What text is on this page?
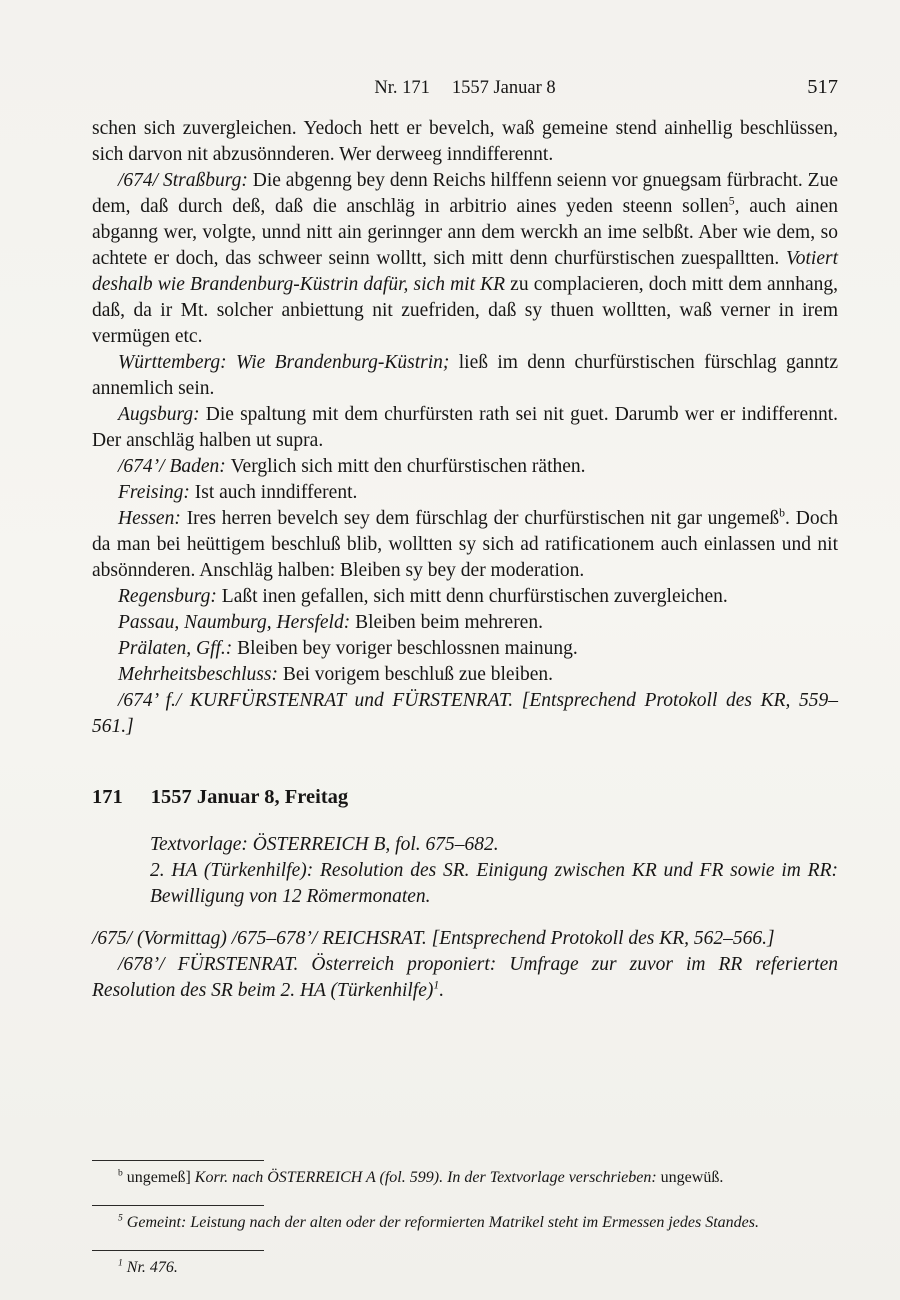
Nr. 171 1557 Januar 8	517

schen sich zuvergleichen. Yedoch hett er bevelch, waß gemeine stend ainhellig beschlüssen, sich darvon nit abzusönnderen. Wer derweeg inndifferennt.

/674/ Straßburg: Die abgenng bey denn Reichs hilffenn seienn vor gnuegsam fürbracht. Zue dem, daß durch deß, daß die anschläg in arbitrio aines yeden steenn sollen$^5$, auch ainen abganng wer, volgte, unnd nitt ain gerinnger ann dem werckh an ime selbßt. Aber wie dem, so achtete er doch, das schweer seinn wolltt, sich mitt denn churfürstischen zuespalltten. Votiert deshalb wie Brandenburg-Küstrin dafür, sich mit KR zu complacieren, doch mitt dem annhang, daß, da ir Mt. solcher anbiettung nit zuefriden, daß sy thuen wolltten, waß verner in irem vermügen etc.

Württemberg: Wie Brandenburg-Küstrin; ließ im denn churfürstischen fürschlag ganntz annemlich sein.

Augsburg: Die spaltung mit dem churfürsten rath sei nit guet. Darumb wer er indifferennt. Der anschläg halben ut supra.

/674’/ Baden: Verglich sich mitt den churfürstischen räthen.

Freising: Ist auch inndifferent.

Hessen: Ires herren bevelch sey dem fürschlag der churfürstischen nit gar ungemeß$^b$. Doch da man bei heüttigem beschluß blib, wolltten sy sich ad ratificationem auch einlassen und nit absönnderen. Anschläg halben: Bleiben sy bey der moderation.

Regensburg: Laßt inen gefallen, sich mitt denn churfürstischen zuvergleichen.

Passau, Naumburg, Hersfeld: Bleiben beim mehreren.

Prälaten, Gff.: Bleiben bey voriger beschlossnen mainung.

Mehrheitsbeschluss: Bei vorigem beschluß zue bleiben.

/674’ f./ KURFÜRSTENRAT und FÜRSTENRAT. [Entsprechend Protokoll des KR, 559–561.]

171 1557 Januar 8, Freitag

Textvorlage: ÖSTERREICH B, fol. 675–682.

2. HA (Türkenhilfe): Resolution des SR. Einigung zwischen KR und FR sowie im RR: Bewilligung von 12 Römermonaten.

/675/ (Vormittag) /675–678’/ REICHSRAT. [Entsprechend Protokoll des KR, 562–566.]

/678’/ FÜRSTENRAT. Österreich proponiert: Umfrage zur zuvor im RR referierten Resolution des SR beim 2. HA (Türkenhilfe)$^1$.

$^b$ ungemeß] Korr. nach ÖSTERREICH A (fol. 599). In der Textvorlage verschrieben: ungewüß.

$^5$ Gemeint: Leistung nach der alten oder der reformierten Matrikel steht im Ermessen jedes Standes.

$^1$ Nr. 476.
